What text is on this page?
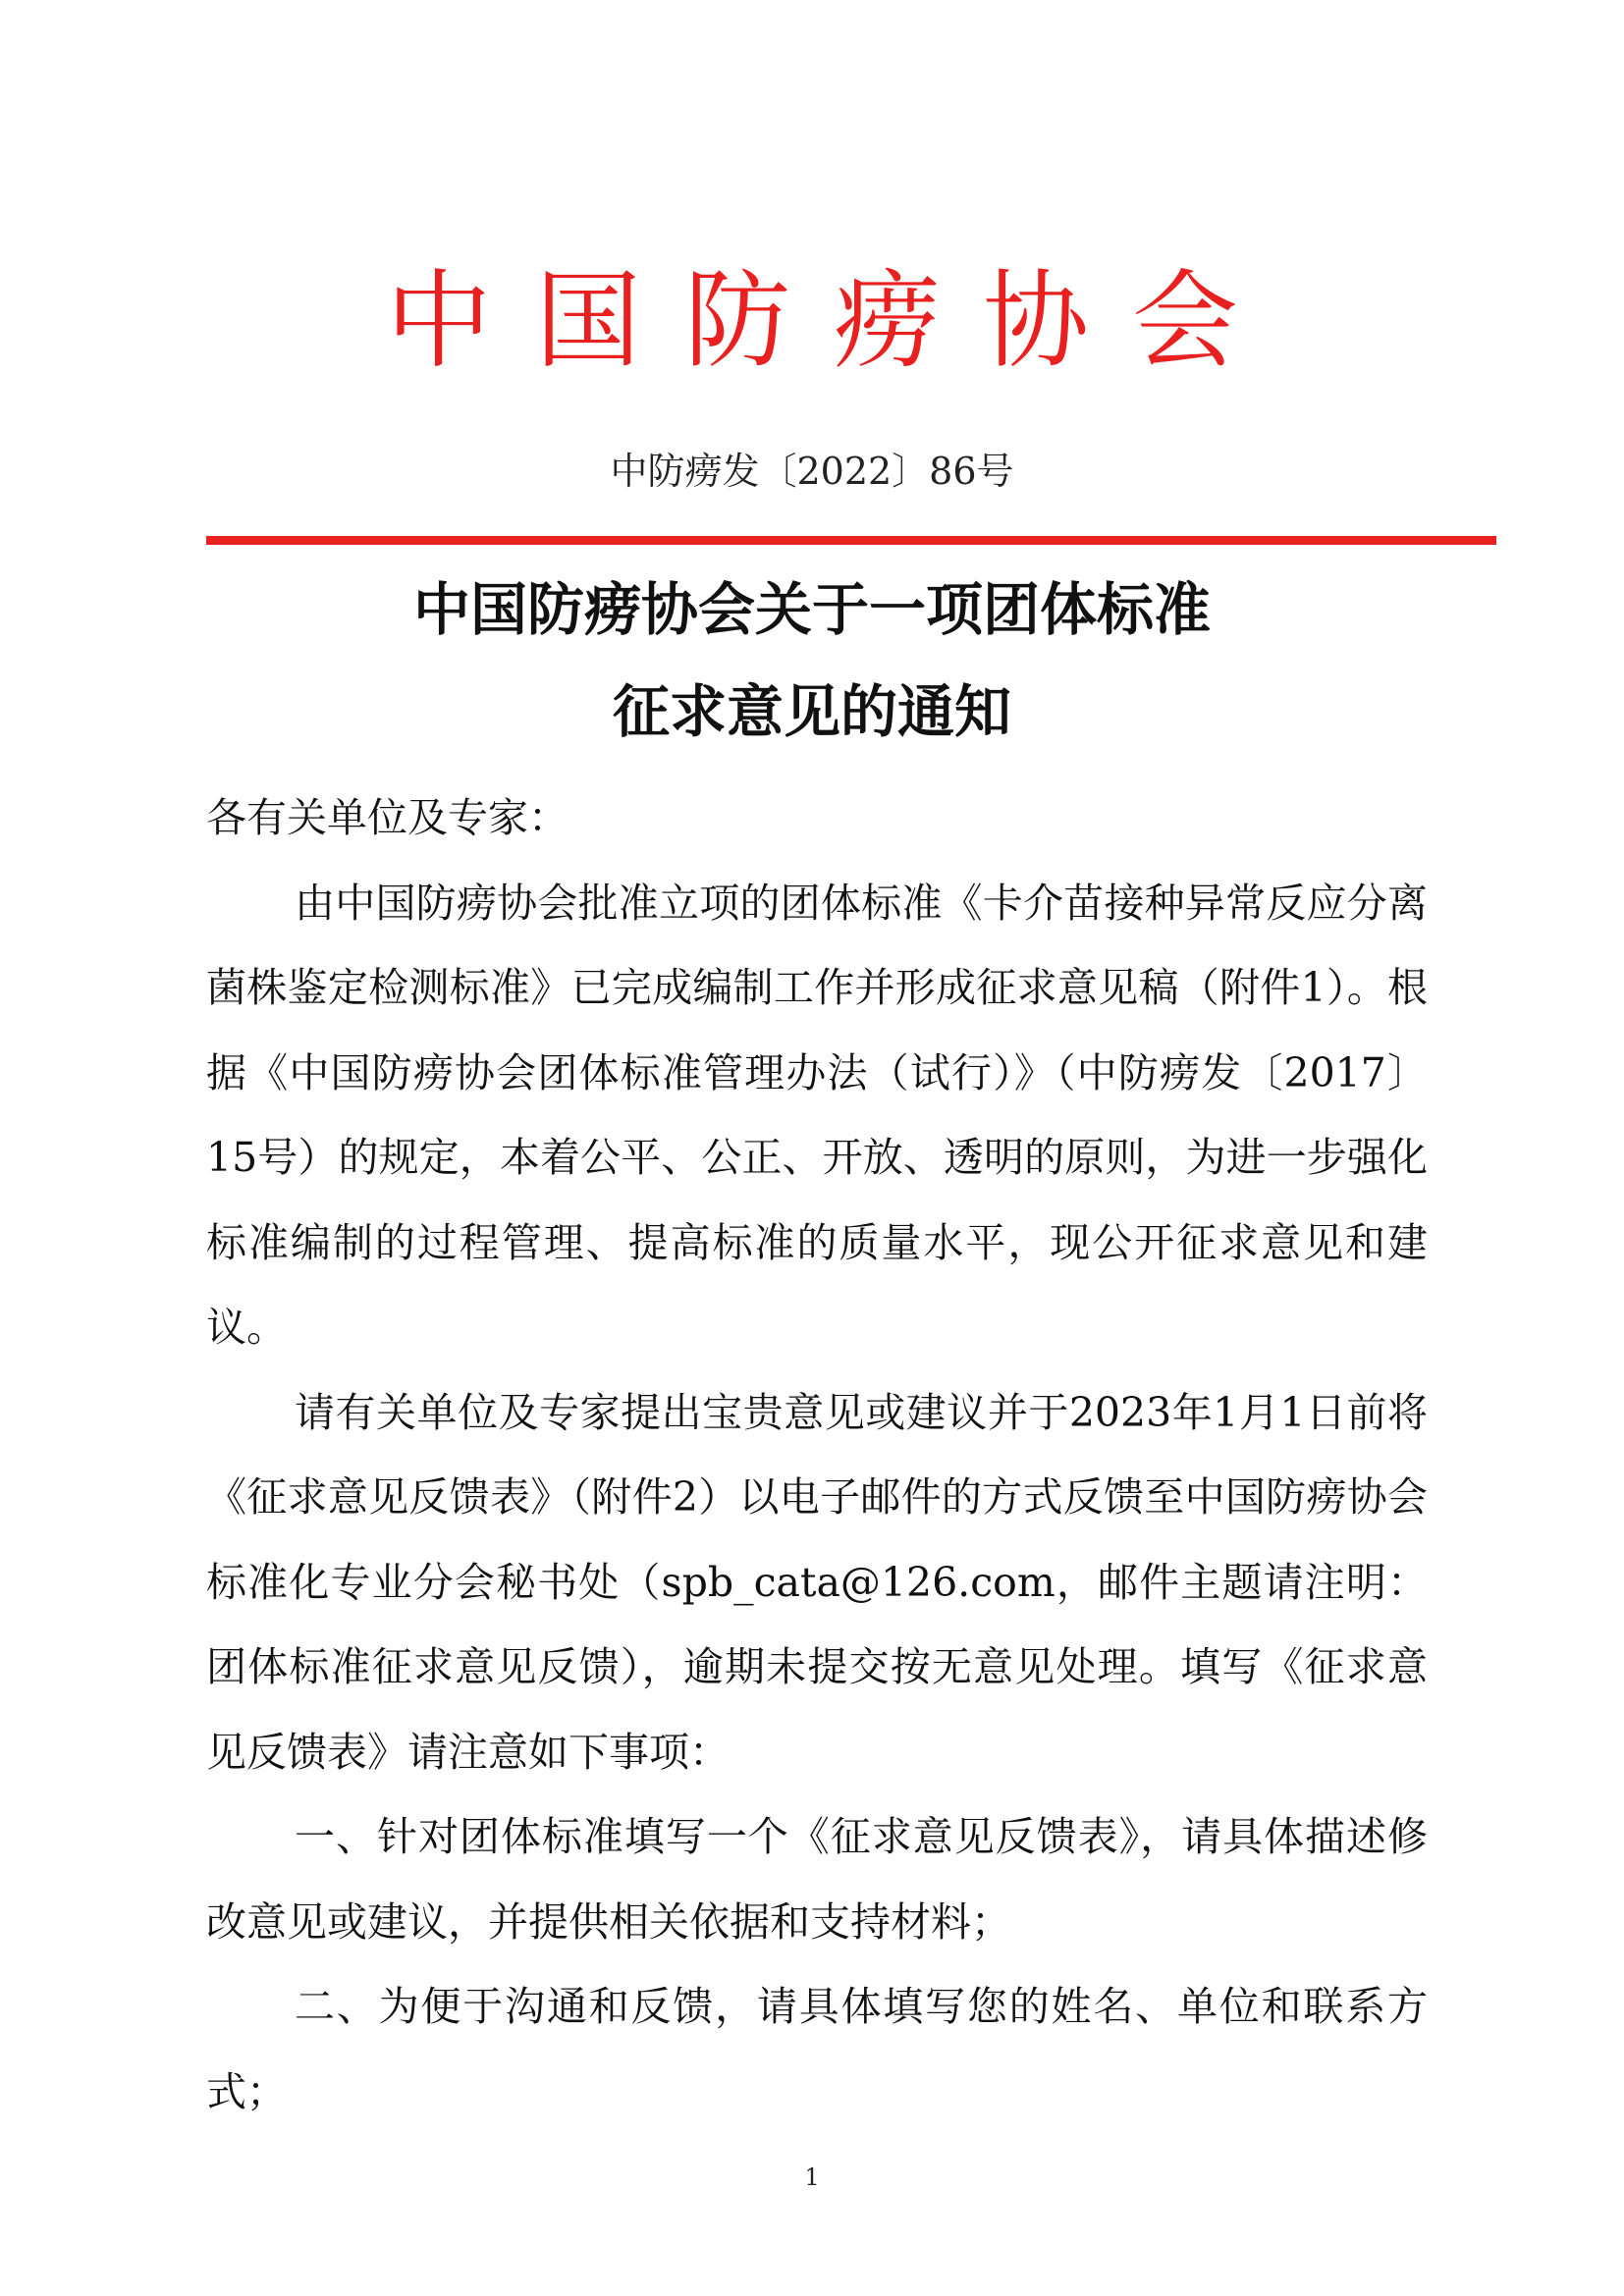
中国防痨协会
中防痨发〔2022〕86号
中国防痨协会关于一项团体标准
征求意见的通知

各有关单位及专家：

由中国防痨协会批准立项的团体标准《卡介苗接种异常反应分离菌株鉴定检测标准》已完成编制工作并形成征求意见稿（附件1）。根据《中国防痨协会团体标准管理办法（试行）》（中防痨发〔2017〕15号）的规定，本着公平、公正、开放、透明的原则，为进一步强化标准编制的过程管理、提高标准的质量水平，现公开征求意见和建议。

请有关单位及专家提出宝贵意见或建议并于2023年1月1日前将《征求意见反馈表》（附件2）以电子邮件的方式反馈至中国防痨协会标准化专业分会秘书处（spb_cata@126.com，邮件主题请注明：团体标准征求意见反馈），逾期未提交按无意见处理。填写《征求意见反馈表》请注意如下事项：

一、针对团体标准填写一个《征求意见反馈表》，请具体描述修改意见或建议，并提供相关依据和支持材料；

二、为便于沟通和反馈，请具体填写您的姓名、单位和联系方式；

1
